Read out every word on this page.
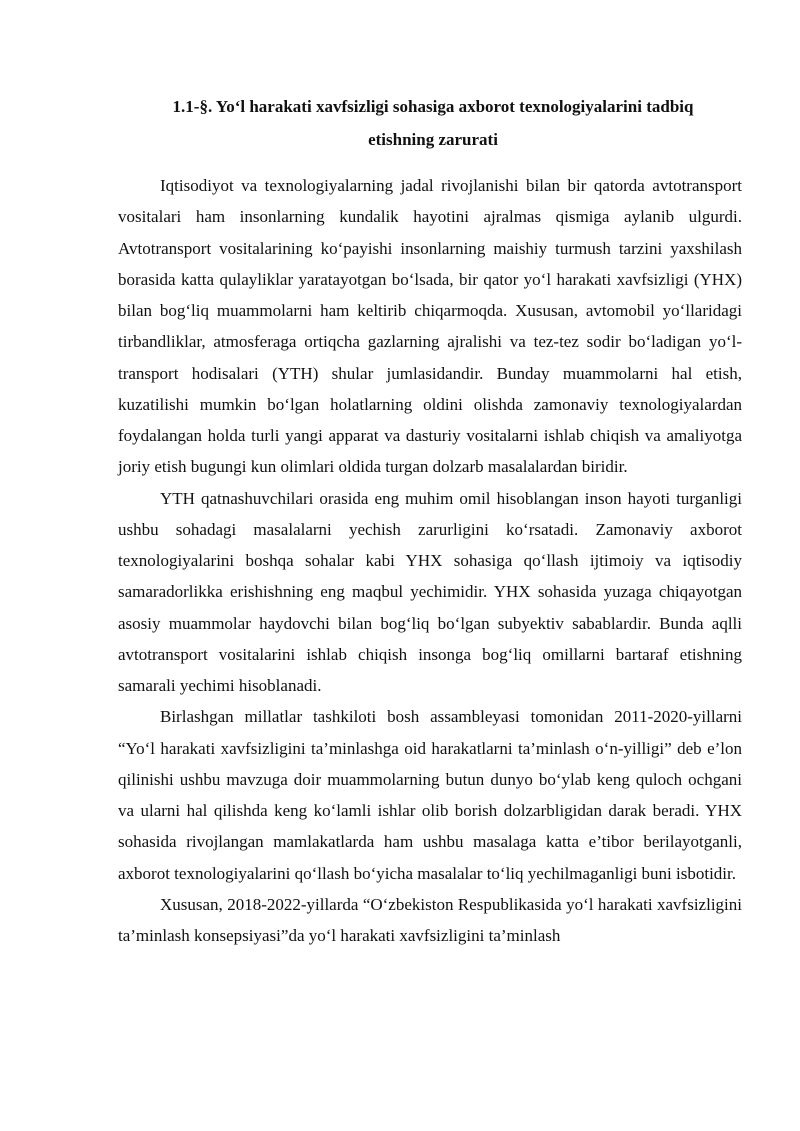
1.1-§. Yo‘l harakati xavfsizligi sohasiga axborot texnologiyalarini tadbiq
etishning zarurati

Iqtisodiyot va texnologiyalarning jadal rivojlanishi bilan bir qatorda avtotransport vositalari ham insonlarning kundalik hayotini ajralmas qismiga aylanib ulgurdi. Avtotransport vositalarining ko‘payishi insonlarning maishiy turmush tarzini yaxshilash borasida katta qulayliklar yaratayotgan bo‘lsada, bir qator yo‘l harakati xavfsizligi (YHX) bilan bog‘liq muammolarni ham keltirib chiqarmoqda. Xususan, avtomobil yo‘llaridagi tirbandliklar, atmosferaga ortiqcha gazlarning ajralishi va tez-tez sodir bo‘ladigan yo‘l-transport hodisalari (YTH) shular jumlasidandir. Bunday muammolarni hal etish, kuzatilishi mumkin bo‘lgan holatlarning oldini olishda zamonaviy texnologiyalardan foydalangan holda turli yangi apparat va dasturiy vositalarni ishlab chiqish va amaliyotga joriy etish bugungi kun olimlari oldida turgan dolzarb masalalardan biridir.

YTH qatnashuvchilari orasida eng muhim omil hisoblangan inson hayoti turganligi ushbu sohadagi masalalarni yechish zarurligini ko‘rsatadi. Zamonaviy axborot texnologiyalarini boshqa sohalar kabi YHX sohasiga qo‘llash ijtimoiy va iqtisodiy samaradorlikka erishishning eng maqbul yechimidir. YHX sohasida yuzaga chiqayotgan asosiy muammolar haydovchi bilan bog‘liq bo‘lgan subyektiv sabablardir. Bunda aqlli avtotransport vositalarini ishlab chiqish insonga bog‘liq omillarni bartaraf etishning samarali yechimi hisoblanadi.

Birlashgan millatlar tashkiloti bosh assambleyasi tomonidan 2011-2020-yillarni “Yo‘l harakati xavfsizligini ta’minlashga oid harakatlarni ta’minlash o‘n-yilligi” deb e’lon qilinishi ushbu mavzuga doir muammolarning butun dunyo bo‘ylab keng quloch ochgani va ularni hal qilishda keng ko‘lamli ishlar olib borish dolzarbligidan darak beradi. YHX sohasida rivojlangan mamlakatlarda ham ushbu masalaga katta e’tibor berilayotganli, axborot texnologiyalarini qo‘llash bo‘yicha masalalar to‘liq yechilmaganligi buni isbotidir.

Xususan, 2018-2022-yillarda “O‘zbekiston Respublikasida yo‘l harakati xavfsizligini ta’minlash konsepsiyasi”da yo‘l harakati xavfsizligini ta’minlash
